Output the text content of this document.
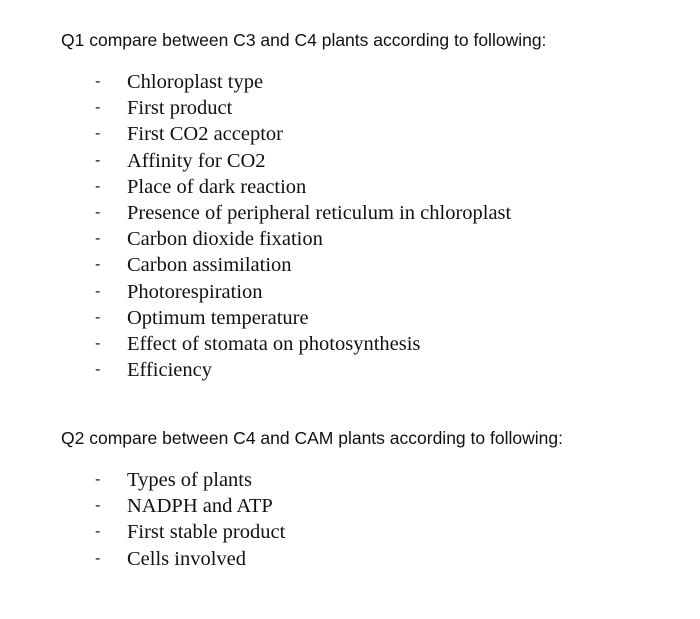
Q1 compare between C3 and C4 plants according to following:
- Chloroplast type
- First product
- First CO2 acceptor
- Affinity for CO2
- Place of dark reaction
- Presence of peripheral reticulum in chloroplast
- Carbon dioxide fixation
- Carbon assimilation
- Photorespiration
- Optimum temperature
- Effect of stomata on photosynthesis
- Efficiency
Q2 compare between C4 and CAM plants according to following:
- Types of plants
- NADPH and ATP
- First stable product
- Cells involved
